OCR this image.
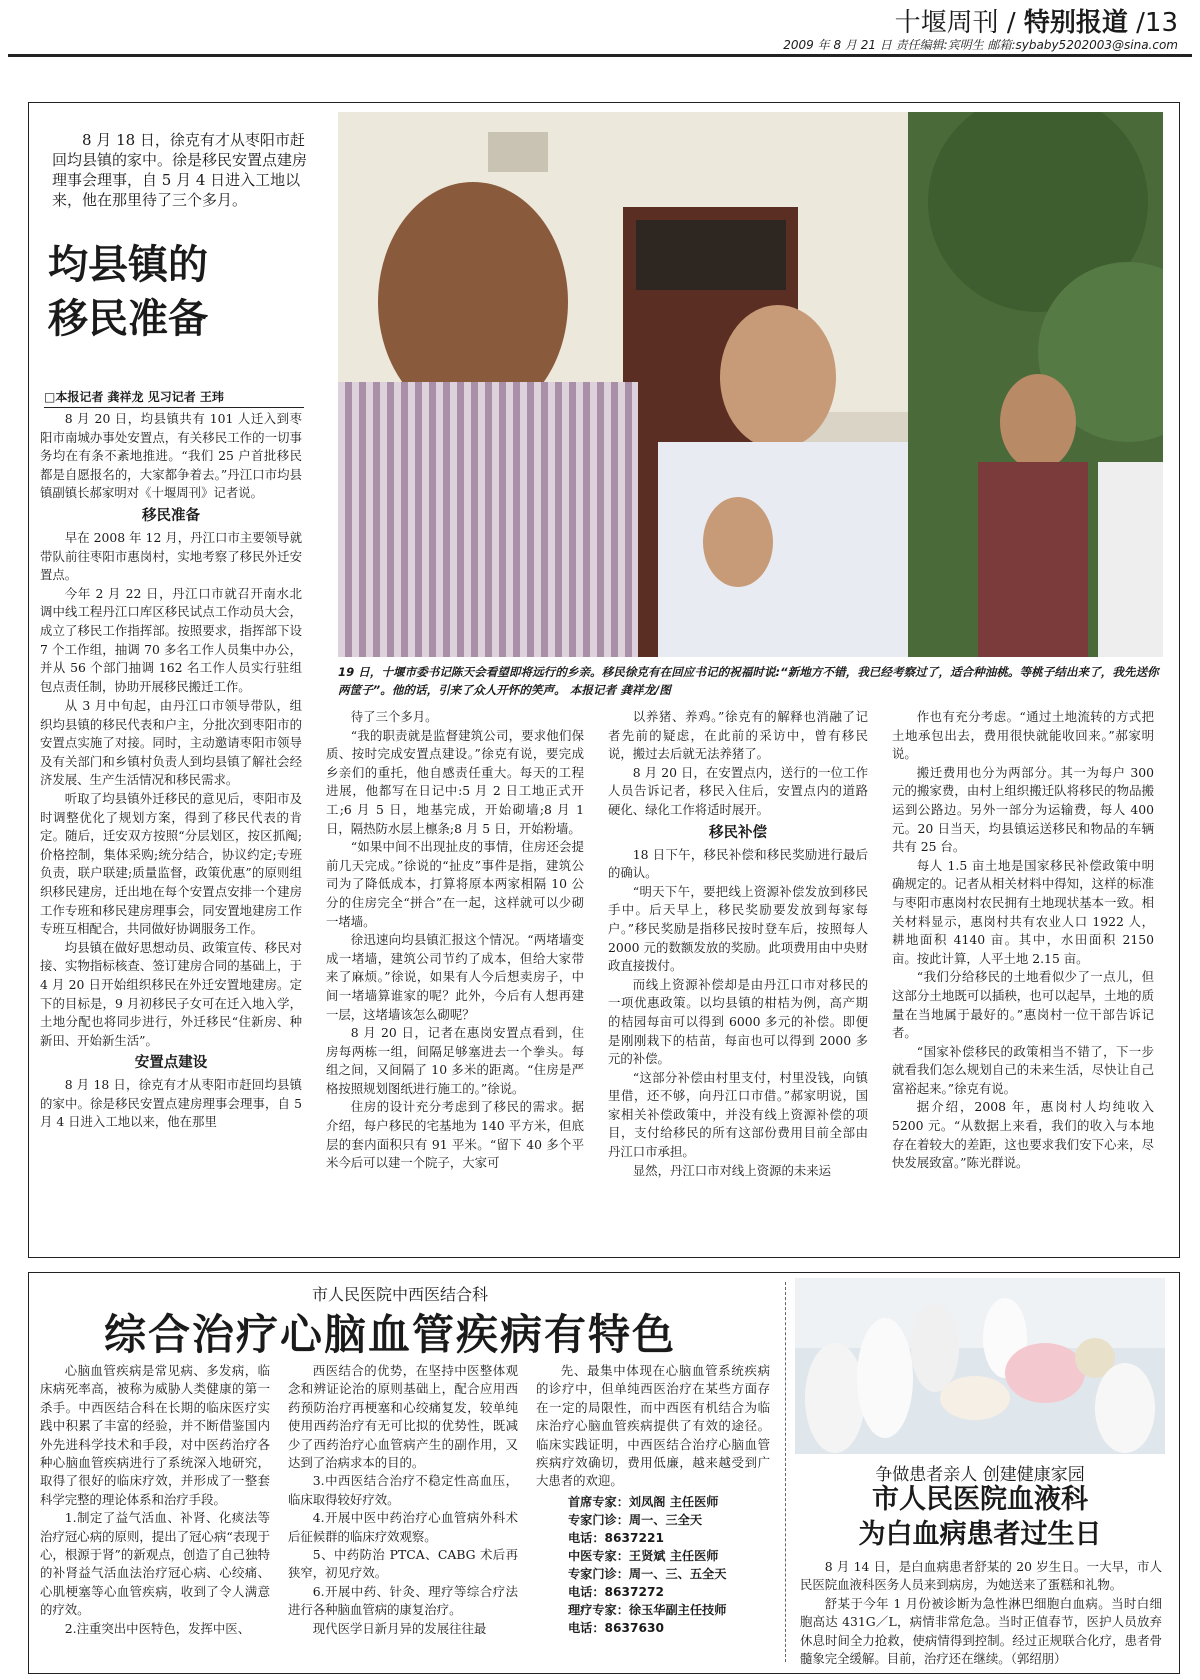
十堰周刊 / 特别报道 /13
2009 年 8 月 21 日 责任编辑:宾明生 邮箱:sybaby5202003@sina.com
8 月 18 日，徐克有才从枣阳市赶回均县镇的家中。徐是移民安置点建房理事会理事，自 5 月 4 日进入工地以来，他在那里待了三个多月。
均县镇的
移民准备
□本报记者 龚祥龙 见习记者 王玮
19 日，十堰市委书记陈天会看望即将远行的乡亲。移民徐克有在回应书记的祝福时说:“新地方不错，我已经考察过了，适合种油桃。等桃子结出来了，我先送你两筐子”。他的话，引来了众人开怀的笑声。 本报记者 龚祥龙/图

8 月 20 日，均县镇共有 101 人迁入到枣阳市南城办事处安置点，有关移民工作的一切事务均在有条不紊地推进。“我们 25 户首批移民都是自愿报名的，大家都争着去。”丹江口市均县镇副镇长郝家明对《十堰周刊》记者说。

移民准备

早在 2008 年 12 月，丹江口市主要领导就带队前往枣阳市惠岗村，实地考察了移民外迁安置点。

今年 2 月 22 日，丹江口市就召开南水北调中线工程丹江口库区移民试点工作动员大会，成立了移民工作指挥部。按照要求，指挥部下设 7 个工作组，抽调 70 多名工作人员集中办公，并从 56 个部门抽调 162 名工作人员实行驻组包点责任制，协助开展移民搬迁工作。

从 3 月中旬起，由丹江口市领导带队，组织均县镇的移民代表和户主，分批次到枣阳市的安置点实施了对接。同时，主动邀请枣阳市领导及有关部门和乡镇村负责人到均县镇了解社会经济发展、生产生活情况和移民需求。

听取了均县镇外迁移民的意见后，枣阳市及时调整优化了规划方案，得到了移民代表的肯定。随后，迁安双方按照“分层划区，按区抓阄;价格控制，集体采购;统分结合，协议约定;专班负责，联户联建;质量监督，政策优惠”的原则组织移民建房，迁出地在每个安置点安排一个建房工作专班和移民建房理事会，同安置地建房工作专班互相配合，共同做好协调服务工作。

均县镇在做好思想动员、政策宣传、移民对接、实物指标核查、签订建房合同的基础上，于 4 月 20 日开始组织移民在外迁安置地建房。定下的目标是，9 月初移民子女可在迁入地入学，土地分配也将同步进行，外迁移民“住新房、种新田、开始新生活”。

安置点建设

8 月 18 日，徐克有才从枣阳市赶回均县镇的家中。徐是移民安置点建房理事会理事，自 5 月 4 日进入工地以来，他在那里

待了三个多月。

“我的职责就是监督建筑公司，要求他们保质、按时完成安置点建设。”徐克有说，要完成乡亲们的重托，他自感责任重大。每天的工程进展，他都写在日记中:5 月 2 日工地正式开工;6 月 5 日，地基完成，开始砌墙;8 月 1 日，隔热防水层上檩条;8 月 5 日，开始粉墙。

“如果中间不出现扯皮的事情，住房还会提前几天完成。”徐说的“扯皮”事件是指，建筑公司为了降低成本，打算将原本两家相隔 10 公分的住房完全“拼合”在一起，这样就可以少砌一堵墙。

徐迅速向均县镇汇报这个情况。“两堵墙变成一堵墙，建筑公司节约了成本，但给大家带来了麻烦。”徐说，如果有人今后想卖房子，中间一堵墙算谁家的呢？此外，今后有人想再建一层，这堵墙该怎么砌呢？

8 月 20 日，记者在惠岗安置点看到，住房每两栋一组，间隔足够塞进去一个拳头。每组之间，又间隔了 10 多米的距离。“住房是严格按照规划图纸进行施工的。”徐说。

住房的设计充分考虑到了移民的需求。据介绍，每户移民的宅基地为 140 平方米，但底层的套内面积只有 91 平米。“留下 40 多个平米今后可以建一个院子，大家可

以养猪、养鸡。”徐克有的解释也消融了记者先前的疑虑，在此前的采访中，曾有移民说，搬过去后就无法养猪了。

8 月 20 日，在安置点内，送行的一位工作人员告诉记者，移民入住后，安置点内的道路硬化、绿化工作将适时展开。

移民补偿

18 日下午，移民补偿和移民奖励进行最后的确认。

“明天下午，要把线上资源补偿发放到移民手中。后天早上，移民奖励要发放到每家每户。”移民奖励是指移民按时登车后，按照每人 2000 元的数额发放的奖励。此项费用由中央财政直接拨付。

而线上资源补偿却是由丹江口市对移民的一项优惠政策。以均县镇的柑桔为例，高产期的桔园每亩可以得到 6000 多元的补偿。即便是刚刚栽下的桔苗，每亩也可以得到 2000 多元的补偿。

“这部分补偿由村里支付，村里没钱，向镇里借，还不够，向丹江口市借。”郝家明说，国家相关补偿政策中，并没有线上资源补偿的项目，支付给移民的所有这部份费用目前全部由丹江口市承担。

显然，丹江口市对线上资源的未来运

作也有充分考虑。“通过土地流转的方式把土地承包出去，费用很快就能收回来。”郝家明说。

搬迁费用也分为两部分。其一为每户 300 元的搬家费，由村上组织搬迁队将移民的物品搬运到公路边。另外一部分为运输费，每人 400 元。20 日当天，均县镇运送移民和物品的车辆共有 25 台。

每人 1.5 亩土地是国家移民补偿政策中明确规定的。记者从相关材料中得知，这样的标准与枣阳市惠岗村农民拥有土地现状基本一致。相关材料显示，惠岗村共有农业人口 1922 人，耕地面积 4140 亩。其中，水田面积 2150 亩。按此计算，人平土地 2.15 亩。

“我们分给移民的土地看似少了一点儿，但这部分土地既可以插秧，也可以起旱，土地的质量在当地属于最好的。”惠岗村一位干部告诉记者。

“国家补偿移民的政策相当不错了，下一步就看我们怎么规划自己的未来生活，尽快让自己富裕起来。”徐克有说。

据介绍，2008 年，惠岗村人均纯收入 5200 元。“从数据上来看，我们的收入与本地存在着较大的差距，这也要求我们安下心来，尽快发展致富。”陈光群说。

市人民医院中西医结合科
综合治疗心脑血管疾病有特色

心脑血管疾病是常见病、多发病，临床病死率高，被称为威胁人类健康的第一杀手。中西医结合科在长期的临床医疗实践中积累了丰富的经验，并不断借鉴国内外先进科学技术和手段，对中医药治疗各种心脑血管疾病进行了系统深入地研究，取得了很好的临床疗效，并形成了一整套科学完整的理论体系和治疗手段。

1.制定了益气活血、补肾、化痰法等治疗冠心病的原则，提出了冠心病“表现于心，根源于肾”的新观点，创造了自己独特的补肾益气活血法治疗冠心病、心绞痛、心肌梗塞等心血管疾病，收到了令人满意的疗效。

2.注重突出中医特色，发挥中医、

西医结合的优势，在坚持中医整体观念和辨证论治的原则基础上，配合应用西药预防治疗再梗塞和心绞痛复发，较单纯使用西药治疗有无可比拟的优势性，既减少了西药治疗心血管病产生的副作用，又达到了治病求本的目的。

3.中西医结合治疗不稳定性高血压，临床取得较好疗效。

4.开展中医中药治疗心血管病外科术后征候群的临床疗效观察。

5、中药防治 PTCA、CABG 术后再狭窄，初见疗效。

6.开展中药、针灸、理疗等综合疗法进行各种脑血管病的康复治疗。

现代医学日新月异的发展往往最

先、最集中体现在心脑血管系统疾病的诊疗中，但单纯西医治疗在某些方面存在一定的局限性，而中西医有机结合为临床治疗心脑血管疾病提供了有效的途径。临床实践证明，中西医结合治疗心脑血管疾病疗效确切，费用低廉，越来越受到广大患者的欢迎。

首席专家：刘凤阁 主任医师
专家门诊：周一、三全天
电话：8637221
中医专家：王贤斌 主任医师
专家门诊：周一、三、五全天
电话：8637272
理疗专家：徐玉华副主任技师
电话：8637630
争做患者亲人 创建健康家园
市人民医院血液科
为白血病患者过生日

8 月 14 日，是白血病患者舒某的 20 岁生日。一大早，市人民医院血液科医务人员来到病房，为她送来了蛋糕和礼物。

舒某于今年 1 月份被诊断为急性淋巴细胞白血病。当时白细胞高达 431G／L，病情非常危急。当时正值春节，医护人员放弃休息时间全力抢救，使病情得到控制。经过正规联合化疗，患者骨髓象完全缓解。目前，治疗还在继续。（郭绍朋）
